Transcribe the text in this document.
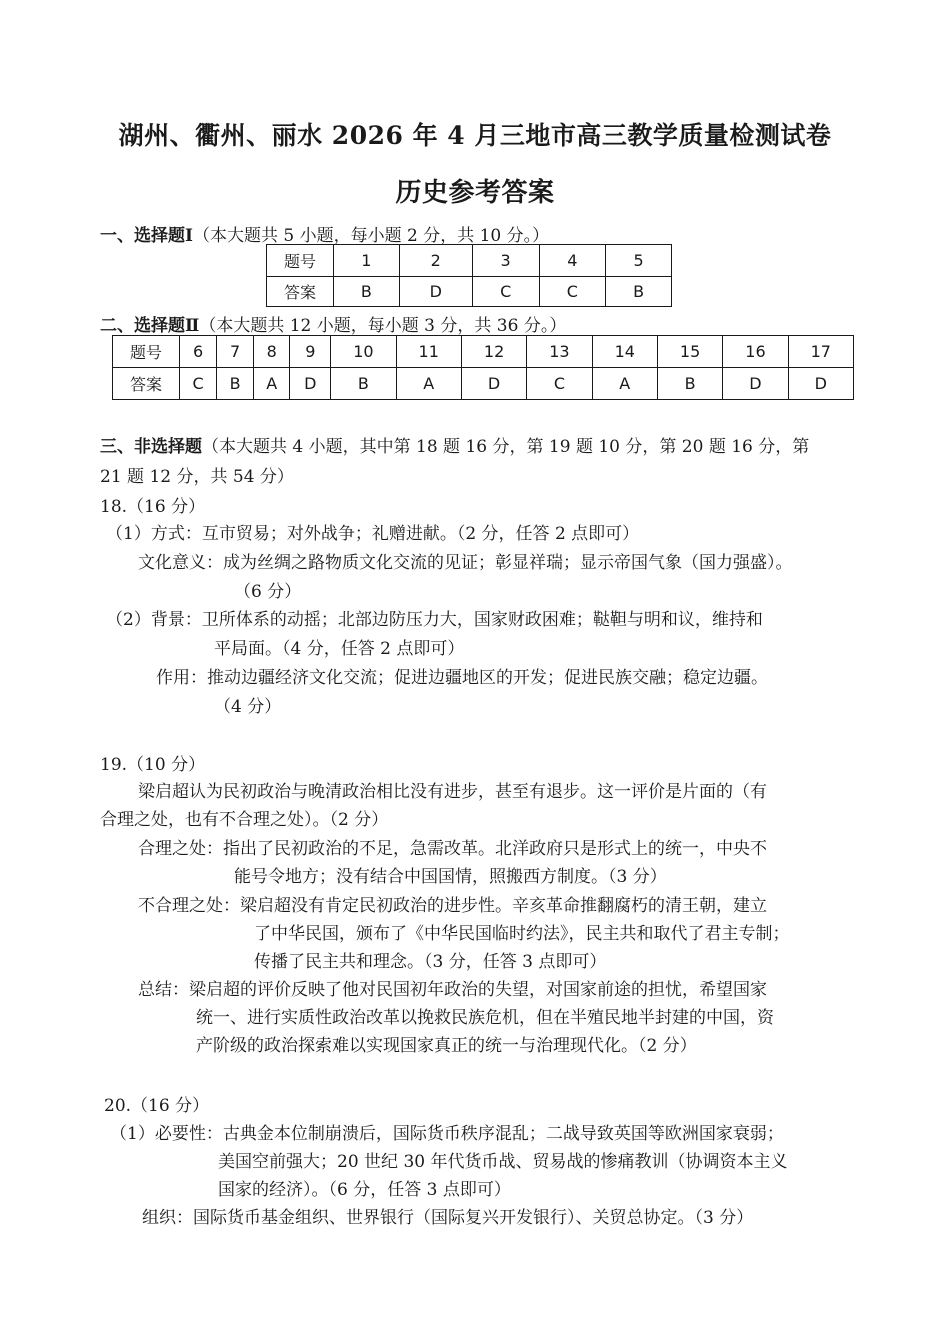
湖州、衢州、丽水 2026 年 4 月三地市高三教学质量检测试卷
历史参考答案
一、选择题Ⅰ（本大题共 5 小题，每小题 2 分，共 10 分。）
题号	1	2	3	4	5
答案	B	D	C	C	B
二、选择题Ⅱ（本大题共 12 小题，每小题 3 分，共 36 分。）
题号	6	7	8	9	10	11	12	13	14	15	16	17
答案	C	B	A	D	B	A	D	C	A	B	D	D
三、非选择题（本大题共 4 小题，其中第 18 题 16 分，第 19 题 10 分，第 20 题 16 分，第
21 题 12 分，共 54 分）
18.（16 分）
（1）方式：互市贸易；对外战争；礼赠进献。（2 分，任答 2 点即可）
文化意义：成为丝绸之路物质文化交流的见证；彰显祥瑞；显示帝国气象（国力强盛）。
（6 分）
（2）背景：卫所体系的动摇；北部边防压力大，国家财政困难；鞑靼与明和议，维持和
平局面。（4 分，任答 2 点即可）
作用：推动边疆经济文化交流；促进边疆地区的开发；促进民族交融；稳定边疆。
（4 分）
19.（10 分）
梁启超认为民初政治与晚清政治相比没有进步，甚至有退步。这一评价是片面的（有
合理之处，也有不合理之处）。（2 分）
合理之处：指出了民初政治的不足，急需改革。北洋政府只是形式上的统一，中央不
能号令地方；没有结合中国国情，照搬西方制度。（3 分）
不合理之处：梁启超没有肯定民初政治的进步性。辛亥革命推翻腐朽的清王朝，建立
了中华民国，颁布了《中华民国临时约法》，民主共和取代了君主专制；
传播了民主共和理念。（3 分，任答 3 点即可）
总结：梁启超的评价反映了他对民国初年政治的失望，对国家前途的担忧，希望国家
统一、进行实质性政治改革以挽救民族危机，但在半殖民地半封建的中国，资
产阶级的政治探索难以实现国家真正的统一与治理现代化。（2 分）
20.（16 分）
（1）必要性：古典金本位制崩溃后，国际货币秩序混乱；二战导致英国等欧洲国家衰弱；
美国空前强大；20 世纪 30 年代货币战、贸易战的惨痛教训（协调资本主义
国家的经济）。（6 分，任答 3 点即可）
组织：国际货币基金组织、世界银行（国际复兴开发银行）、关贸总协定。（3 分）
